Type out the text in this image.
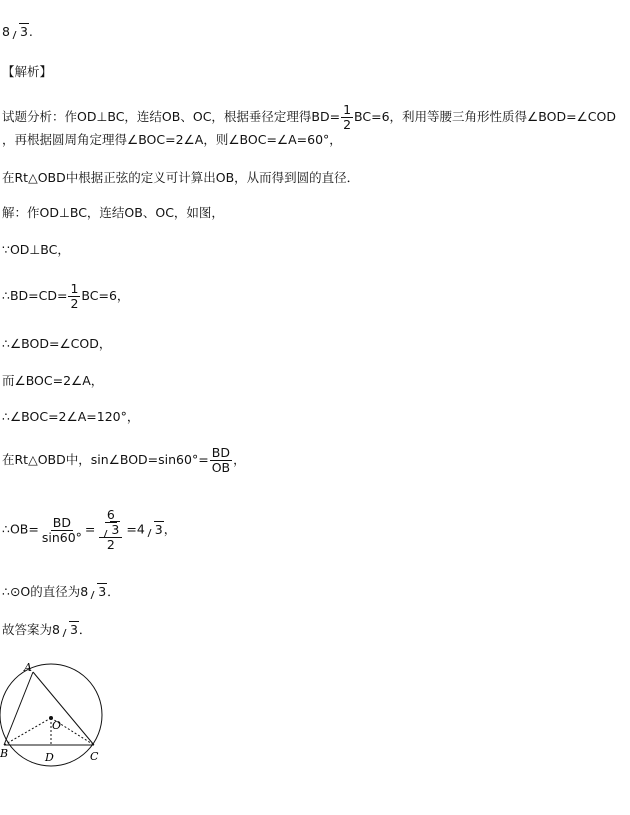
8 3.
【解析】
试题分析：作OD⊥BC，连结OB、OC，根据垂径定理得$BD= \frac{1}{2} BC=6$，利用等腰三角形性质得∠BOD=∠COD
，再根据圆周角定理得∠BOC=2∠A，则∠BOC=∠A=60°，
在Rt△OBD中根据正弦的定义可计算出OB，从而得到圆的直径．
解：作OD⊥BC，连结OB、OC，如图，
∵OD⊥BC，
∴BD=CD= $\frac{1}{2} BC=6$，
∴∠BOD=∠COD，
而∠BOC=2∠A，
∴∠BOC=2∠A=120°，
在Rt△OBD中，sin∠BOD=sin60°= $\frac{BD}{OB}$ ，
∴OB= $\frac{BD}{\sin 60^\circ} = \frac{6}{\frac{3}{2}} =4$ 3，
∴⊙O的直径为8 3．
故答案为8 3．
A
O
B	D	C
